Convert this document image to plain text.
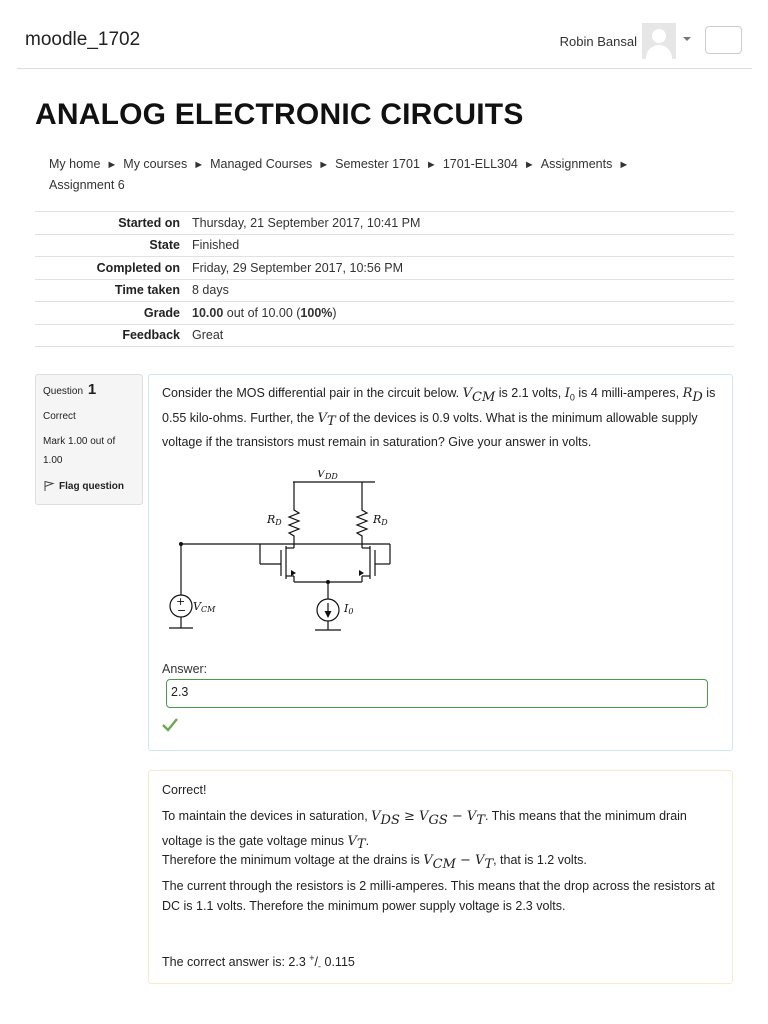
moodle_1702	Robin Bansal
ANALOG ELECTRONIC CIRCUITS
My home ► My courses ► Managed Courses ► Semester 1701 ► 1701-ELL304 ► Assignments ►
Assignment 6
Started on	Thursday, 21 September 2017, 10:41 PM
State	Finished
Completed on	Friday, 29 September 2017, 10:56 PM
Time taken	8 days
Grade	10.00 out of 10.00 (100%)
Feedback	Great
Question 1
Correct
Mark 1.00 out of 1.00
Flag question
Consider the MOS differential pair in the circuit below. $V_{CM}$ is 2.1 volts, $I_0$ is 4 milli-amperes, $R_D$ is 0.55 kilo-ohms. Further, the $V_T$ of the devices is 0.9 volts. What is the minimum allowable supply voltage if the transistors must remain in saturation? Give your answer in volts.
+
−
VDD
RD	RD
VCM	I0
Answer:
2.3

Correct!

To maintain the devices in saturation, $V_{DS} \ge V_{GS} - V_T$. This means that the minimum drain voltage is the gate voltage minus $V_T$.

Therefore the minimum voltage at the drains is $V_{CM} - V_T$, that is 1.2 volts.

The current through the resistors is 2 milli-amperes. This means that the drop across the resistors at DC is 1.1 volts. Therefore the minimum power supply voltage is 2.3 volts.

The correct answer is: 2.3 $^+/_-$ 0.115
